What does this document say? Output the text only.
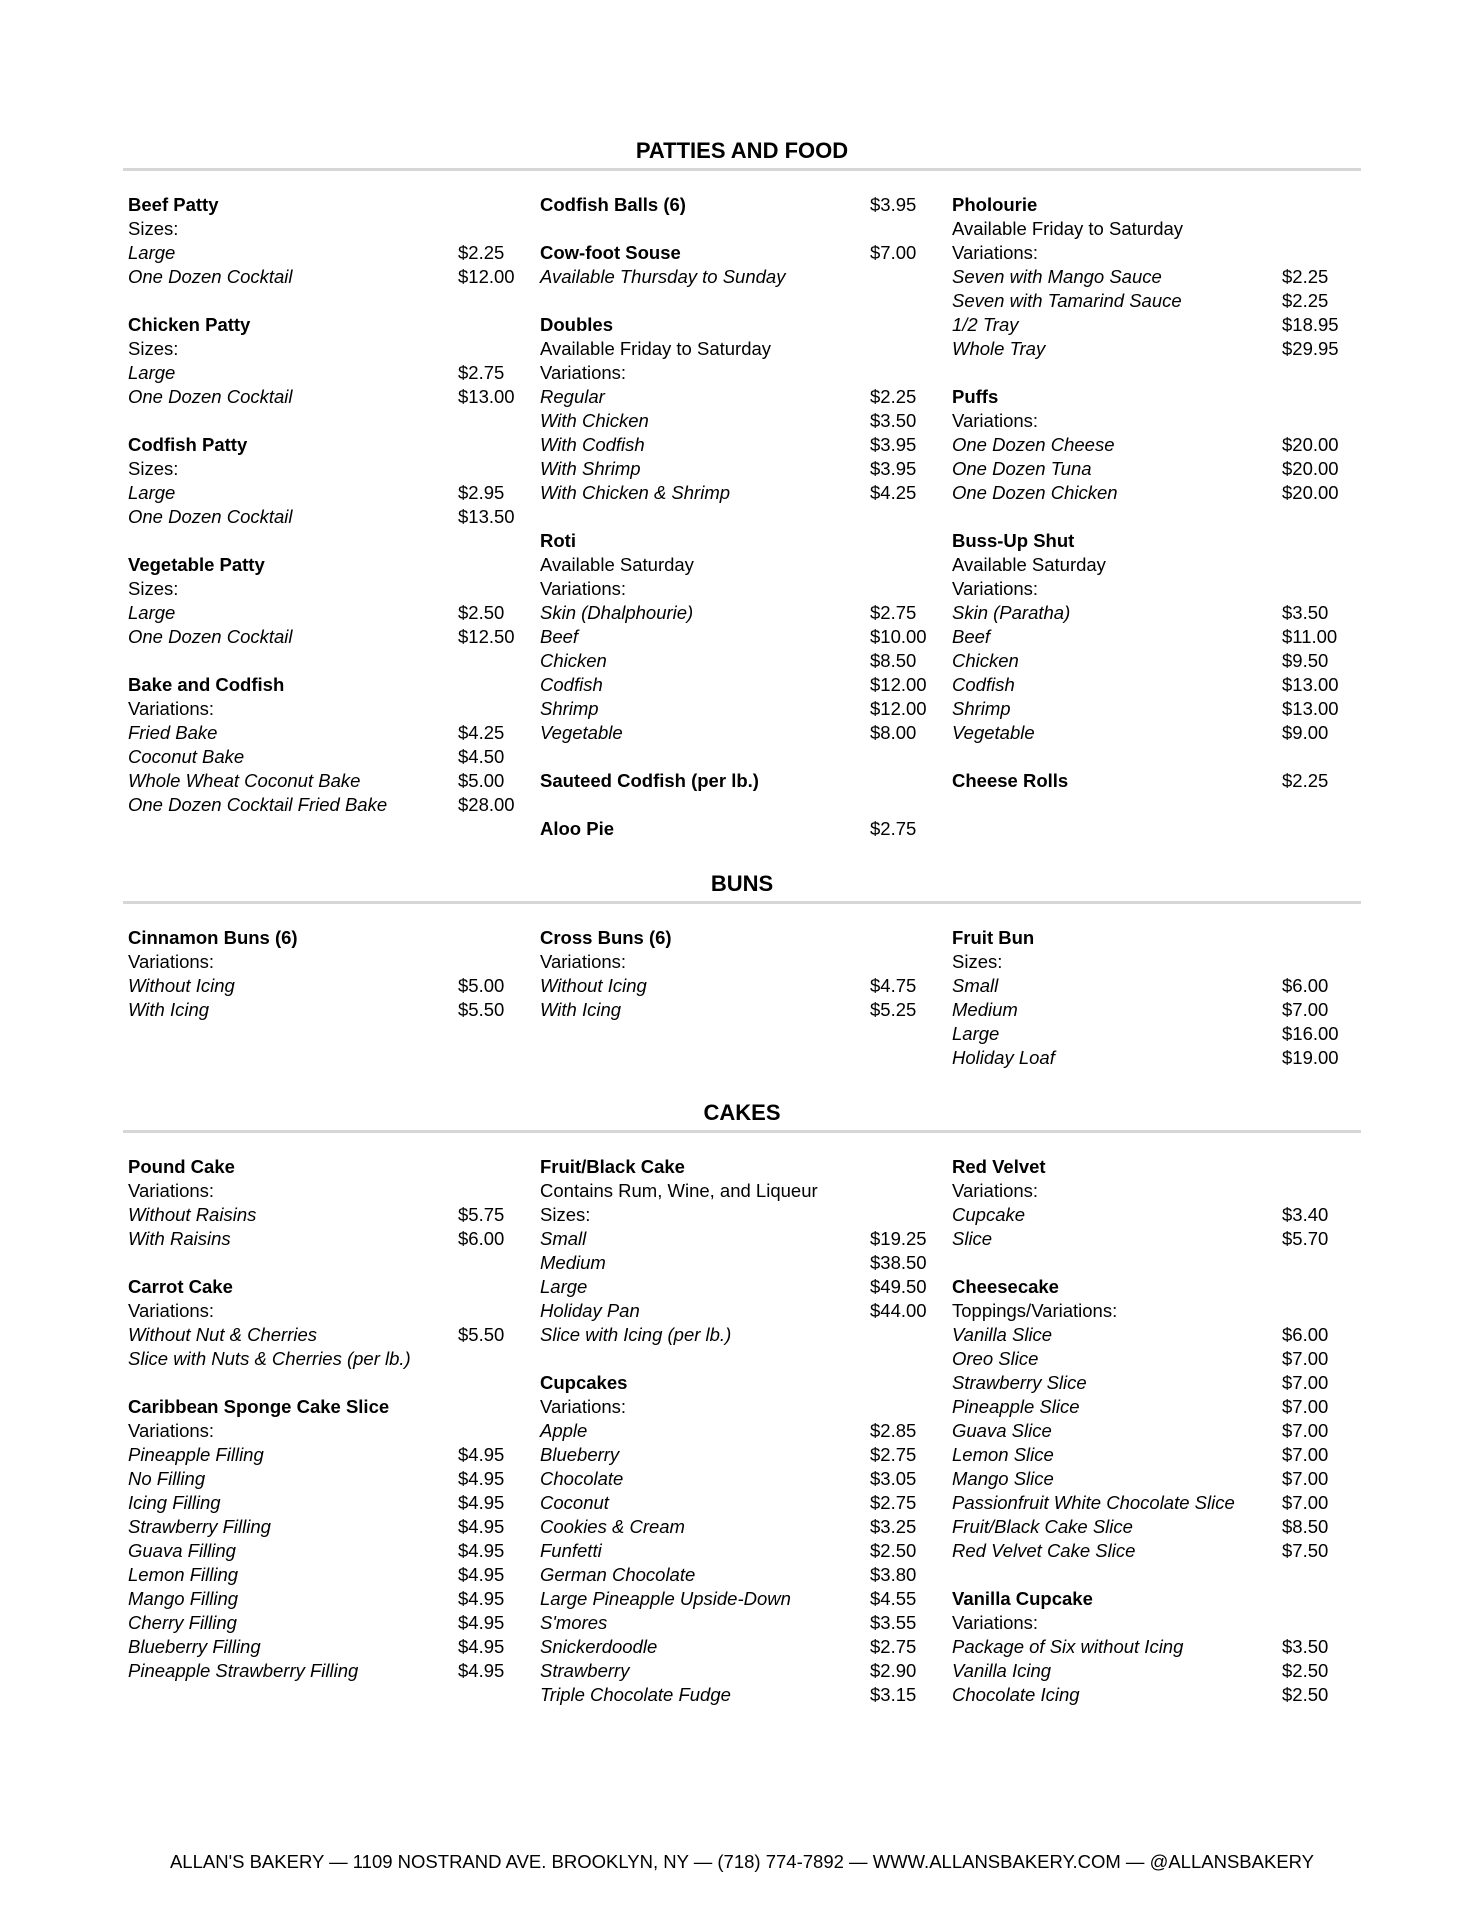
PATTIES AND FOOD
Beef Patty
Sizes:
Large	$2.25
One Dozen Cocktail	$12.00
Chicken Patty
Sizes:
Large	$2.75
One Dozen Cocktail	$13.00
Codfish Patty
Sizes:
Large	$2.95
One Dozen Cocktail	$13.50
Vegetable Patty
Sizes:
Large	$2.50
One Dozen Cocktail	$12.50
Bake and Codfish
Variations:
Fried Bake	$4.25
Coconut Bake	$4.50
Whole Wheat Coconut Bake	$5.00
One Dozen Cocktail Fried Bake	$28.00
Codfish Balls (6)	$3.95
Cow-foot Souse	$7.00
Available Thursday to Sunday
Doubles
Available Friday to Saturday
Variations:
Regular	$2.25
With Chicken	$3.50
With Codfish	$3.95
With Shrimp	$3.95
With Chicken & Shrimp	$4.25
Roti
Available Saturday
Variations:
Skin (Dhalphourie)	$2.75
Beef	$10.00
Chicken	$8.50
Codfish	$12.00
Shrimp	$12.00
Vegetable	$8.00
Sauteed Codfish (per lb.)
Aloo Pie	$2.75
Pholourie
Available Friday to Saturday
Variations:
Seven with Mango Sauce	$2.25
Seven with Tamarind Sauce	$2.25
1/2 Tray	$18.95
Whole Tray	$29.95
Puffs
Variations:
One Dozen Cheese	$20.00
One Dozen Tuna	$20.00
One Dozen Chicken	$20.00
Buss-Up Shut
Available Saturday
Variations:
Skin (Paratha)	$3.50
Beef	$11.00
Chicken	$9.50
Codfish	$13.00
Shrimp	$13.00
Vegetable	$9.00
Cheese Rolls	$2.25
BUNS
Cinnamon Buns (6)
Variations:
Without Icing	$5.00
With Icing	$5.50
Cross Buns (6)
Variations:
Without Icing	$4.75
With Icing	$5.25
Fruit Bun
Sizes:
Small	$6.00
Medium	$7.00
Large	$16.00
Holiday Loaf	$19.00
CAKES
Pound Cake
Variations:
Without Raisins	$5.75
With Raisins	$6.00
Carrot Cake
Variations:
Without Nut & Cherries	$5.50
Slice with Nuts & Cherries (per lb.)
Caribbean Sponge Cake Slice
Variations:
Pineapple Filling	$4.95
No Filling	$4.95
Icing Filling	$4.95
Strawberry Filling	$4.95
Guava Filling	$4.95
Lemon Filling	$4.95
Mango Filling	$4.95
Cherry Filling	$4.95
Blueberry Filling	$4.95
Pineapple Strawberry Filling	$4.95
Fruit/Black Cake
Contains Rum, Wine, and Liqueur
Sizes:
Small	$19.25
Medium	$38.50
Large	$49.50
Holiday Pan	$44.00
Slice with Icing (per lb.)
Cupcakes
Variations:
Apple	$2.85
Blueberry	$2.75
Chocolate	$3.05
Coconut	$2.75
Cookies & Cream	$3.25
Funfetti	$2.50
German Chocolate	$3.80
Large Pineapple Upside-Down	$4.55
S'mores	$3.55
Snickerdoodle	$2.75
Strawberry	$2.90
Triple Chocolate Fudge	$3.15
Red Velvet
Variations:
Cupcake	$3.40
Slice	$5.70
Cheesecake
Toppings/Variations:
Vanilla Slice	$6.00
Oreo Slice	$7.00
Strawberry Slice	$7.00
Pineapple Slice	$7.00
Guava Slice	$7.00
Lemon Slice	$7.00
Mango Slice	$7.00
Passionfruit White Chocolate Slice	$7.00
Fruit/Black Cake Slice	$8.50
Red Velvet Cake Slice	$7.50
Vanilla Cupcake
Variations:
Package of Six without Icing	$3.50
Vanilla Icing	$2.50
Chocolate Icing	$2.50
ALLAN'S BAKERY — 1109 NOSTRAND AVE. BROOKLYN, NY — (718) 774-7892 — WWW.ALLANSBAKERY.COM — @ALLANSBAKERY
